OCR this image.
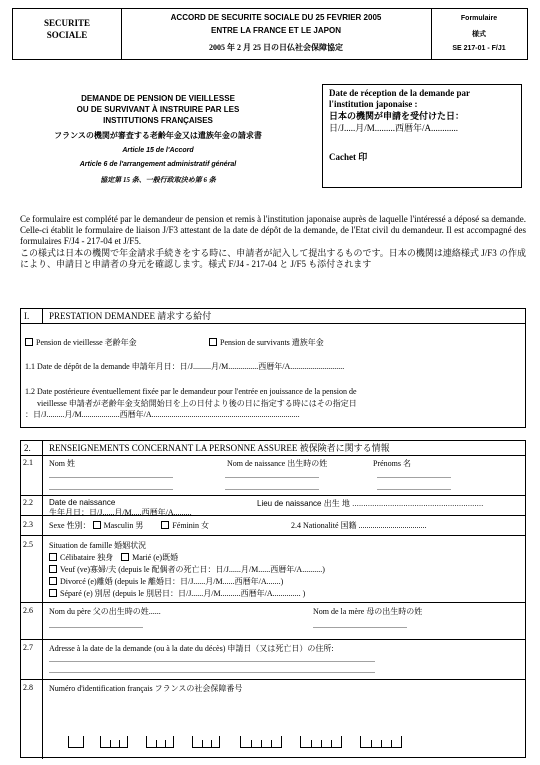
SECURITE
SOCIALE
ACCORD DE SECURITE SOCIALE DU 25 FEVRIER 2005
ENTRE LA FRANCE ET LE JAPON
2005 年 2 月 25 日の日仏社会保障協定
Formulaire
様式
SE 217-01 - F/J1
DEMANDE DE PENSION DE VIEILLESSE
OU DE SURVIVANT À INSTRUIRE PAR LES
INSTITUTIONS FRANÇAISES
フランスの機関が審査する老齢年金又は遺族年金の請求書
Article 15 de l'Accord
Article 6 de l'arrangement administratif général
協定第 15 条、一般行政取決め第 6 条
Date de réception de la demande par l'institution japonaise :
日本の機関が申請を受付けた日：
日/J.....月/M.........西暦年/A............
Cachet 印
Ce formulaire est complété par le demandeur de pension et remis à l'institution japonaise auprès de laquelle l'intéressé a déposé sa demande. Celle-ci établit le formulaire de liaison J/F3 attestant de la date de dépôt de la demande, de l'Etat civil du demandeur. Il est accompagné des formulaires F/J4 - 217-04 et J/F5.
この様式は日本の機関で年金請求手続きをする時に、申請者が記入して提出するものです。日本の機関は連絡様式 J/F3 の作成により、申請日と申請者の身元を確認します。様式 F/J4 - 217-04 と J/F5 も添付されます
I.	PRESTATION DEMANDEE 請求する給付
Pension de vieillesse 老齢年金	Pension de survivants 遺族年金
1.1 Date de dépôt de la demande 申請年月日：日/J.........月/M...............西暦年/A...........................
1.2 Date postérieure éventuellement fixée par le demandeur pour l'entrée en jouissance de la pension de
vieillesse 申請者が老齢年金支給開始日を上の日付より後の日に指定する時にはその指定日
：日/J.........月/M...................西暦年/A..........................................................................
2.	RENSEIGNEMENTS CONCERNANT LA PERSONNE ASSUREE 被保険者に関する情報
2.1 Nom 姓	Nom de naissance 出生時の姓	Prénoms 名
..............................................................	...............................................	.....................................
..............................................................	...............................................	.....................................
2.2 Date de naissance
生年月日：日/J......月/M.....西暦年/A.........
Lieu de naissance 出生 地 ...........................................................
2.3 Sexe 性別： Masculin 男	Féminin 女	2.4 Nationalité 国籍 ..................................
2.5 Situation de famille 婚姻状況
Célibataire 独身 Marié (e)既婚
Veuf (ve)寡婦/夫 (depuis le 配偶者の死亡日：日/J......月/M......西暦年/A..........)
Divorcé (e)離婚 (depuis le 離婚日：日/J......月/M......西暦年/A.......)
Séparé (e) 別居 (depuis le 別居日：日/J......月/M..........西暦年/A.............. )
2.6 Nom du père 父の出生時の姓......	Nom de la mère 母の出生時の姓
...............................................	...............................................
2.7 Adresse à la date de la demande (ou à la date du décès) 申請日（又は死亡日）の住所:
...................................................................................................................................................................
...................................................................................................................................................................
2.8 Numéro d'identification français フランスの社会保障番号
